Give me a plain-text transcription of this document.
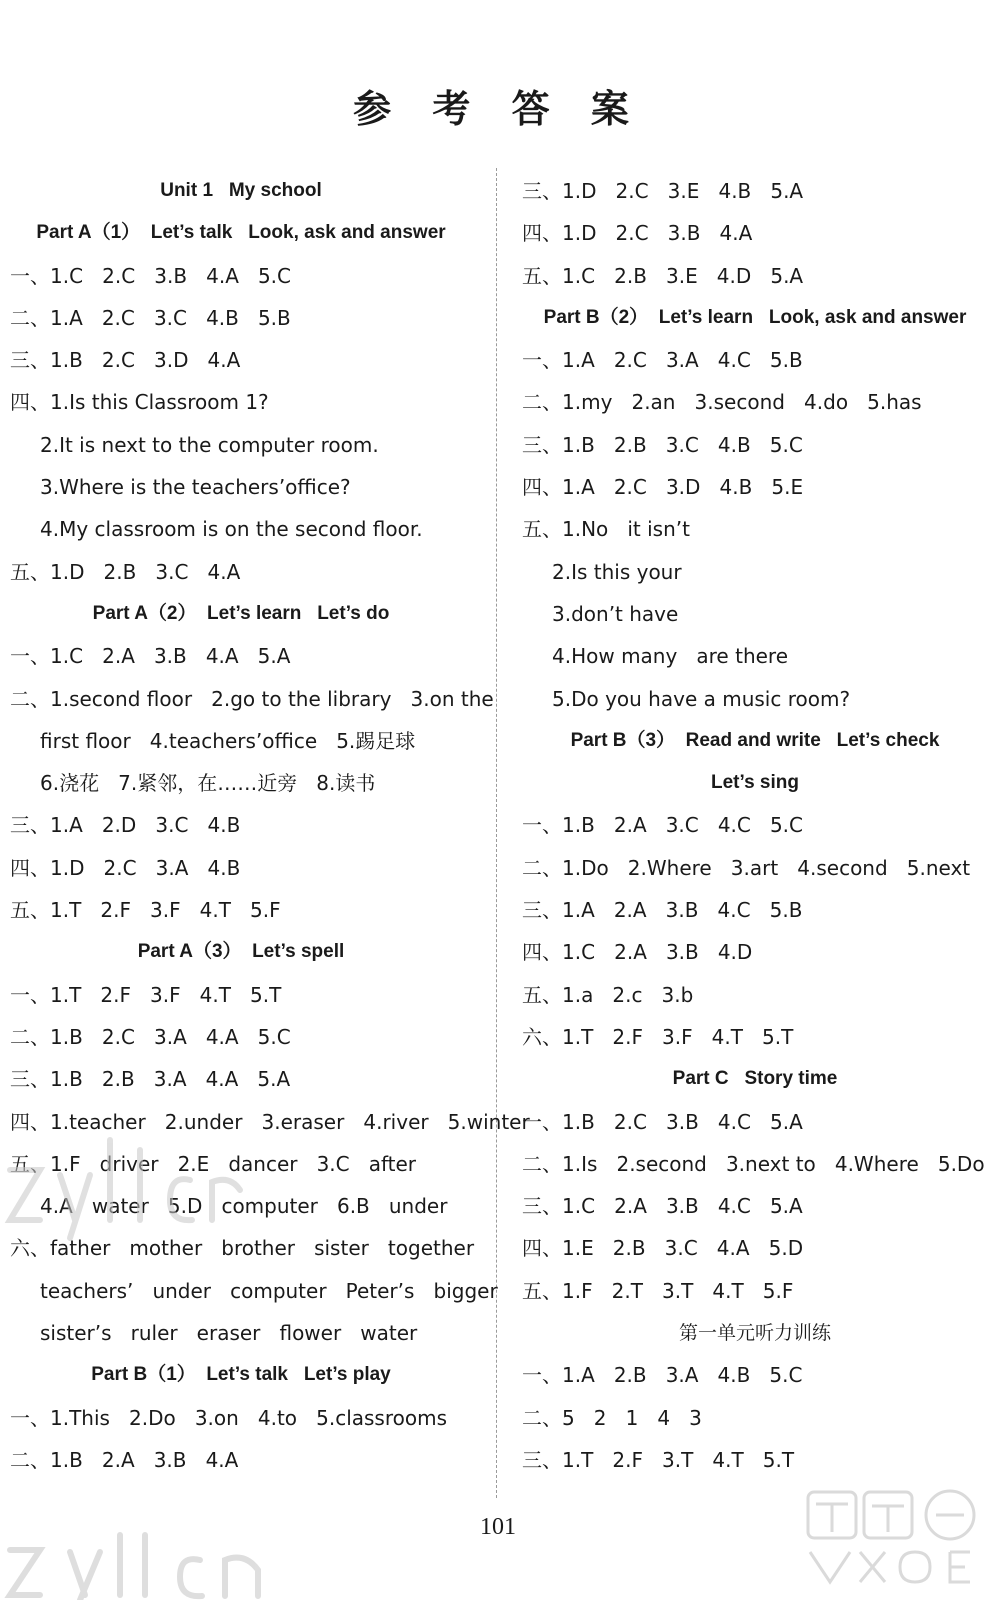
参 考 答 案
Unit 1   My school
Part A（1）  Let’s talk   Look, ask and answer
一、1.C   2.C   3.B   4.A   5.C
二、1.A   2.C   3.C   4.B   5.B
三、1.B   2.C   3.D   4.A
四、1.Is this Classroom 1?
2.It is next to the computer room.
3.Where is the teachers’office?
4.My classroom is on the second floor.
五、1.D   2.B   3.C   4.A
Part A（2）  Let’s learn   Let’s do
一、1.C   2.A   3.B   4.A   5.A
二、1.second floor   2.go to the library   3.on the
first floor   4.teachers’office   5.踢足球
6.浇花   7.紧邻，在……近旁   8.读书
三、1.A   2.D   3.C   4.B
四、1.D   2.C   3.A   4.B
五、1.T   2.F   3.F   4.T   5.F
Part A（3）  Let’s spell
一、1.T   2.F   3.F   4.T   5.T
二、1.B   2.C   3.A   4.A   5.C
三、1.B   2.B   3.A   4.A   5.A
四、1.teacher   2.under   3.eraser   4.river   5.winter
五、1.F   driver   2.E   dancer   3.C   after
4.A   water   5.D   computer   6.B   under
六、father   mother   brother   sister   together
teachers’   under   computer   Peter’s   bigger
sister’s   ruler   eraser   flower   water
Part B（1）  Let’s talk   Let’s play
一、1.This   2.Do   3.on   4.to   5.classrooms
二、1.B   2.A   3.B   4.A
三、1.D   2.C   3.E   4.B   5.A
四、1.D   2.C   3.B   4.A
五、1.C   2.B   3.E   4.D   5.A
Part B（2）  Let’s learn   Look, ask and answer
一、1.A   2.C   3.A   4.C   5.B
二、1.my   2.an   3.second   4.do   5.has
三、1.B   2.B   3.C   4.B   5.C
四、1.A   2.C   3.D   4.B   5.E
五、1.No   it isn’t
2.Is this your
3.don’t have
4.How many   are there
5.Do you have a music room?
Part B（3）  Read and write   Let’s check
Let’s sing
一、1.B   2.A   3.C   4.C   5.C
二、1.Do   2.Where   3.art   4.second   5.next
三、1.A   2.A   3.B   4.C   5.B
四、1.C   2.A   3.B   4.D
五、1.a   2.c   3.b
六、1.T   2.F   3.F   4.T   5.T
Part C   Story time
一、1.B   2.C   3.B   4.C   5.A
二、1.Is   2.second   3.next to   4.Where   5.Do
三、1.C   2.A   3.B   4.C   5.A
四、1.E   2.B   3.C   4.A   5.D
五、1.F   2.T   3.T   4.T   5.F
第一单元听力训练
一、1.A   2.B   3.A   4.B   5.C
二、5   2   1   4   3
三、1.T   2.F   3.T   4.T   5.T
101
